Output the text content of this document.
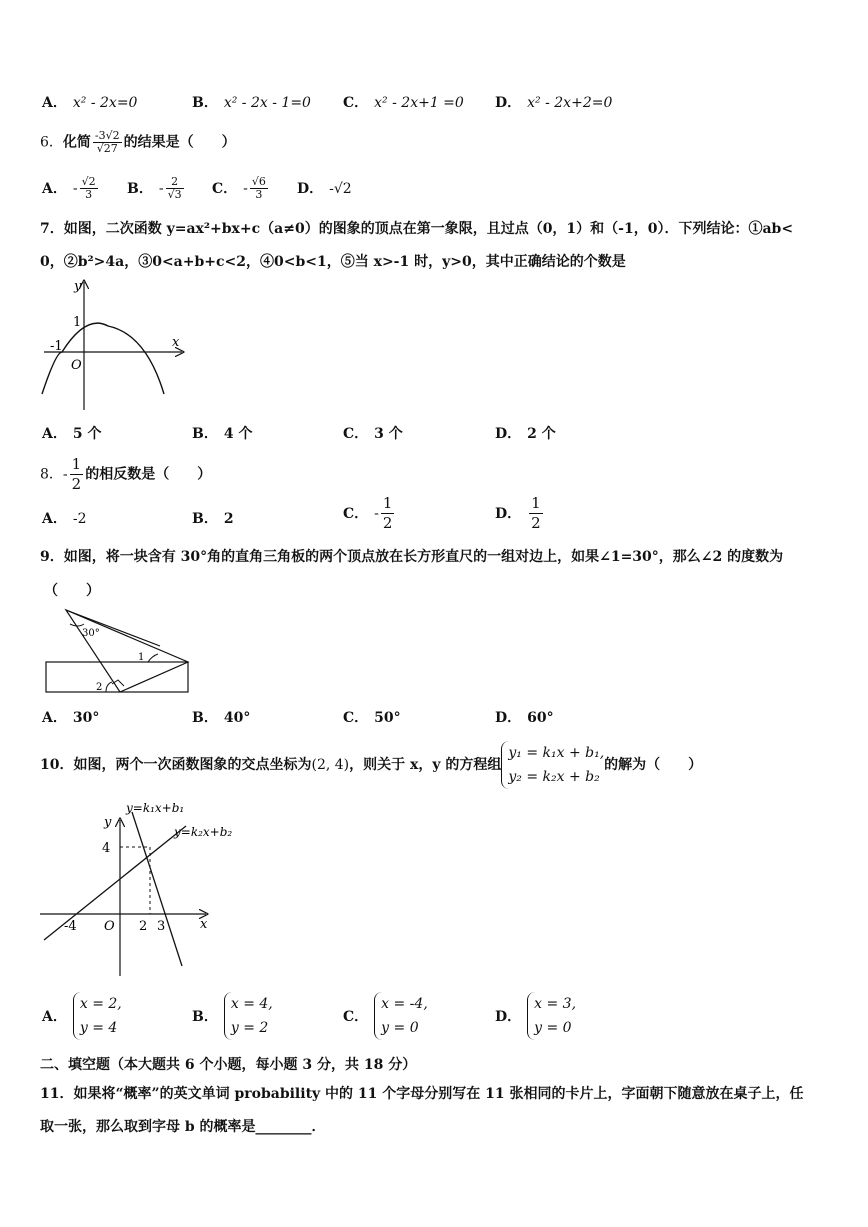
A． x² - 2x=0	B． x² - 2x - 1=0 C． x² - 2x+1 =0 D． x² - 2x+2=0
6．化简 $\frac{-3√2}{√27}$ 的结果是（　　）
A． - $\frac{√2}{3}$ B． - $\frac{2}{√3}$ C． - $\frac{√6}{3}$ D． -√2
7．如图，二次函数 y=ax²+bx+c（a≠0）的图象的顶点在第一象限，且过点（0，1）和（-1，0）．下列结论：①ab<
0，②b²>4a，③0<a+b+c<2，④0<b<1，⑤当 x>-1 时，y>0，其中正确结论的个数是
y
x
1
-1
O
A． 5 个	B． 4 个	C． 3 个	D． 2 个
8．- $\frac{1}{2}$ 的相反数是（　　）
A． -2	B． 2	C． - $\frac{1}{2}$	D． $\frac{1}{2}$
9．如图，将一块含有 30°角的直角三角板的两个顶点放在长方形直尺的一组对边上，如果∠1=30°，那么∠2 的度数为
（　　）
30°
1
2
A． 30°	B． 40°	C． 50°	D． 60°
10．如图，两个一次函数图象的交点坐标为(2, 4)，则关于 x，y 的方程组
y₁ = k₁x + b₁,
y₂ = k₂x + b₂
的解为（　　）
y=k₁x+b₁
y=k₂x+b₂
y
x
4
-4 O 2 3
A．
x = 2,
y = 4
B．
x = 4,
y = 2
C．
x = -4,
y = 0
D．
x = 3,
y = 0
二、填空题（本大题共 6 个小题，每小题 3 分，共 18 分）
11．如果将“概率”的英文单词 probability 中的 11 个字母分别写在 11 张相同的卡片上，字面朝下随意放在桌子上，任
取一张，那么取到字母 b 的概率是________．
